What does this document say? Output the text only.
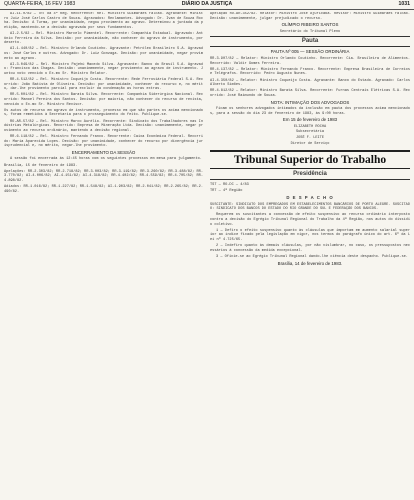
QUARTA-FEIRA, 16 FEV 1983	DIÁRIO DA JUSTIÇA	1031
AI-11.0/82 — TRT da 4ª Reg. Recorrente: Rel. Ministro Guimarães Falcão. Agravante: Ministro Juiz José Carlos Castro de Souza. Agravados: Reclamantes. Advogado: Dr. Ivan de Souza Rocha. Decisão: A Turma, por unanimidade, negou provimento ao agravo. Determinou a juntada da petição, mantendo-se a decisão agravada por seus fundamentos.
AI-2.5/82 — Rel. Ministro Marcelo Pimentel. Recorrente: Companhia Estadual. Agravado: Antônio Ferreira da Silva. Decisão: por unanimidade, não conhecer do agravo de instrumento, por deserto.
AI-1.440/82 — Rel. Ministro Orlando Coutinho. Agravante: Petróleo Brasileiro S.A. Agravados: José Carlos e outros. Advogado: Dr. Luiz Gonzaga. Decisão: por unanimidade, negar provimento ao agravo.
AI-3.049/82 — Rel. Ministro Pajehú Macedo Silva. Agravante: Banco do Brasil S.A. Agravado: Francisco das Chagas. Decisão: unanimemente, negar provimento ao agravo de instrumento. Juntou voto vencido o Ex.mo Sr. Ministro Relator.
RR-4.512/82 — Rel. Ministro Coqueijo Costa. Recorrente: Rede Ferroviária Federal S.A. Recorrido: João Batista de Oliveira. Decisão: por unanimidade, conhecer do recurso e, no mérito, dar-lhe provimento parcial para excluir da condenação as horas extras.
RR-5.001/82 — Rel. Ministro Barata Silva. Recorrente: Companhia Siderúrgica Nacional. Recorrido: Manoel Pereira dos Santos. Decisão: por maioria, não conhecer do recurso de revista, vencido o Ex.mo Sr. Ministro Revisor.
Os autos de recurso em agravo de instrumento, processo em que são partes os acima mencionados, foram remetidos à Secretaria para o prosseguimento do feito. Publique-se.
RO-AR-57/82 — Rel. Ministro Marco Aurélio. Recorrente: Sindicato dos Trabalhadores nas Indústrias Metalúrgicas. Recorrido: Empresa de Mineração Ltda. Decisão: unanimemente, negar provimento ao recurso ordinário, mantendo a decisão regional.
RR-6.118/82 — Rel. Ministro Fernando Franco. Recorrente: Caixa Econômica Federal. Recorrido: Maria Aparecida Lopes. Decisão: por unanimidade, conhecer do recurso por divergência jurisprudencial e, no mérito, negar-lhe provimento.
ENCERRAMENTO DA SESSÃO
A sessão foi encerrada às 12:45 horas com os seguintes processos em mesa para julgamento.
Brasília, 15 de fevereiro de 1983.
Apelações: RR-2.303/82; RR-2.718/82; RR-3.003/82; RR-3.119/82; RR-3.260/82; RR-3.488/82; RR-3.770/82; AI-4.006/82; AI-4.151/82; AI-4.318/82; RR-4.402/82; RR-4.559/82; RR-4.705/82; RR-4.898/82.
Adiados: RR-1.016/82; RR-1.227/82; RR-1.548/82; AI-1.903/82; RR-2.041/82; RR-2.265/82; RR-2.490/82.
Apelação RO-AR-352/82. Relator: Ministro José Ajuricaba. Revisor: Ministro Guimarães Falcão. Decisão: unanimemente, julgar prejudicado o recurso.
OLÍMPIO RIBEIRO SANTOS
Secretário do Tribunal Pleno
Pauta
PAUTA Nº 005 — SESSÃO ORDINÁRIA
RR-3.907/82 — Relator: Ministro Orlando Coutinho. Recorrente: Cia. Brasileira de Alimentos. Recorrido: Valdir Gomes Ferreira.
RR-4.137/82 — Relator: Ministro Fernando Franco. Recorrente: Empresa Brasileira de Correios e Telégrafos. Recorrido: Pedro Augusto Nunes.
AI-4.350/82 — Relator: Ministro Coqueijo Costa. Agravante: Banco do Estado. Agravado: Carlos Alberto Simões.
RR-4.812/82 — Relator: Ministro Barata Silva. Recorrente: Furnas Centrais Elétricas S.A. Recorrido: José Raimundo de Souza.
NOTA: INTIMAÇÃO DOS ADVOGADOS
Ficam os senhores advogados intimados da inclusão em pauta dos processos acima mencionados, para a sessão do dia 23 de fevereiro de 1983, às 9:00 horas.
Em 15 de fevereiro de 1983
ELIZABETH ROCHA
Subsecretária
JOSÉ F. LEITE
Diretor de Serviço
Tribunal Superior do Trabalho
Presidência
TST — RO-DC — 4/83
TRT — 4ª Região
D E S P A C H O
SUSCITANTE: SINDICATO DOS EMPREGADOS EM ESTABELECIMENTOS BANCÁRIOS DE PORTO ALEGRE. SUSCITADO: SINDICATO DOS BANCOS DO ESTADO DO RIO GRANDE DO SUL E FEDERAÇÃO DOS BANCOS.
Requerem os suscitantes a concessão de efeito suspensivo ao recurso ordinário interposto contra a decisão do Egrégio Tribunal Regional do Trabalho da 4ª Região, nos autos do dissídio coletivo.
1 — Defiro o efeito suspensivo quanto às cláusulas que importam em aumento salarial superior ao índice fixado pela legislação em vigor, nos termos do parágrafo único do art. 6º da Lei nº 4.725/65.
2 — Indefiro quanto às demais cláusulas, por não vislumbrar, no caso, os pressupostos necessários à concessão da medida excepcional.
3 — Oficie-se ao Egrégio Tribunal Regional dando-lhe ciência deste despacho. Publique-se.
Brasília, 14 de fevereiro de 1983.
